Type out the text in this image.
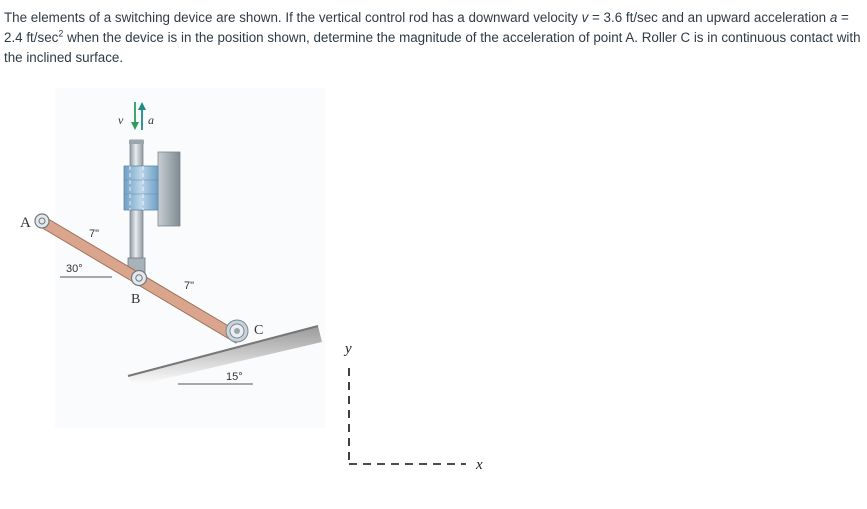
The elements of a switching device are shown. If the vertical control rod has a downward velocity v = 3.6 ft/sec and an upward acceleration a = 2.4 $ft/\sec^2$ when the device is in the position shown, determine the magnitude of the acceleration of point A. Roller C is in continuous contact with the inclined surface.

v a
A
B
C
7"
7"
30°
15°
y
x
